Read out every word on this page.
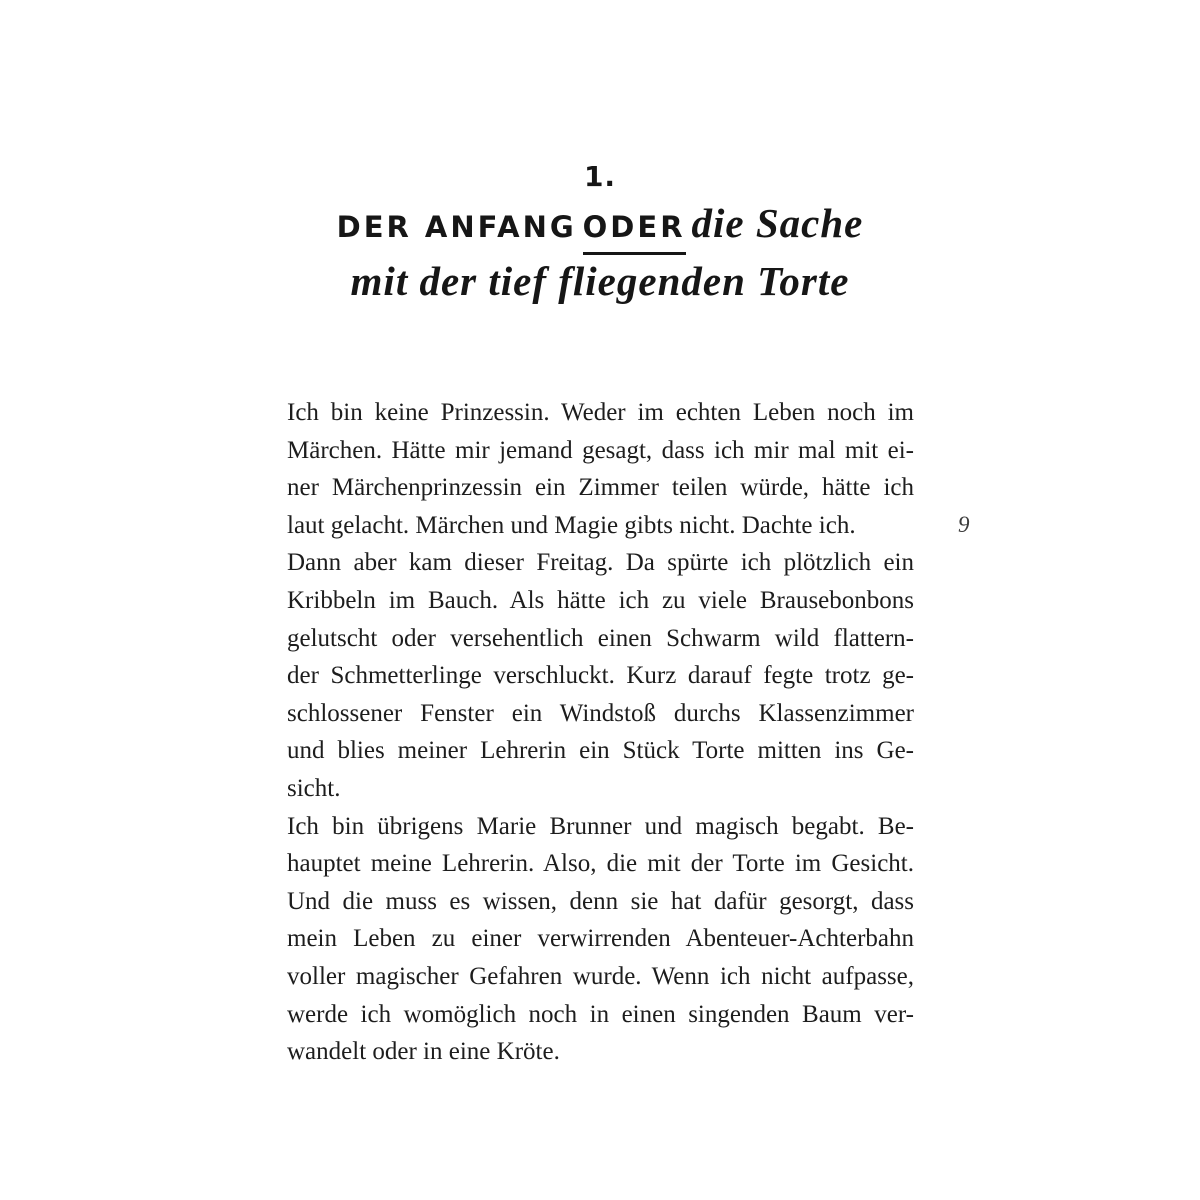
1.
DER ANFANG ODER die Sache
mit der tief fliegenden Torte
Ich bin keine Prinzessin. Weder im echten Leben noch im
Märchen. Hätte mir jemand gesagt, dass ich mir mal mit ei-
ner Märchenprinzessin ein Zimmer teilen würde, hätte ich
laut gelacht. Märchen und Magie gibts nicht. Dachte ich.
Dann aber kam dieser Freitag. Da spürte ich plötzlich ein
Kribbeln im Bauch. Als hätte ich zu viele Brausebonbons
gelutscht oder versehentlich einen Schwarm wild flattern-
der Schmetterlinge verschluckt. Kurz darauf fegte trotz ge-
schlossener Fenster ein Windstoß durchs Klassenzimmer
und blies meiner Lehrerin ein Stück Torte mitten ins Ge-
sicht.
Ich bin übrigens Marie Brunner und magisch begabt. Be-
hauptet meine Lehrerin. Also, die mit der Torte im Gesicht.
Und die muss es wissen, denn sie hat dafür gesorgt, dass
mein Leben zu einer verwirrenden Abenteuer-Achterbahn
voller magischer Gefahren wurde. Wenn ich nicht aufpasse,
werde ich womöglich noch in einen singenden Baum ver-
wandelt oder in eine Kröte.
9
